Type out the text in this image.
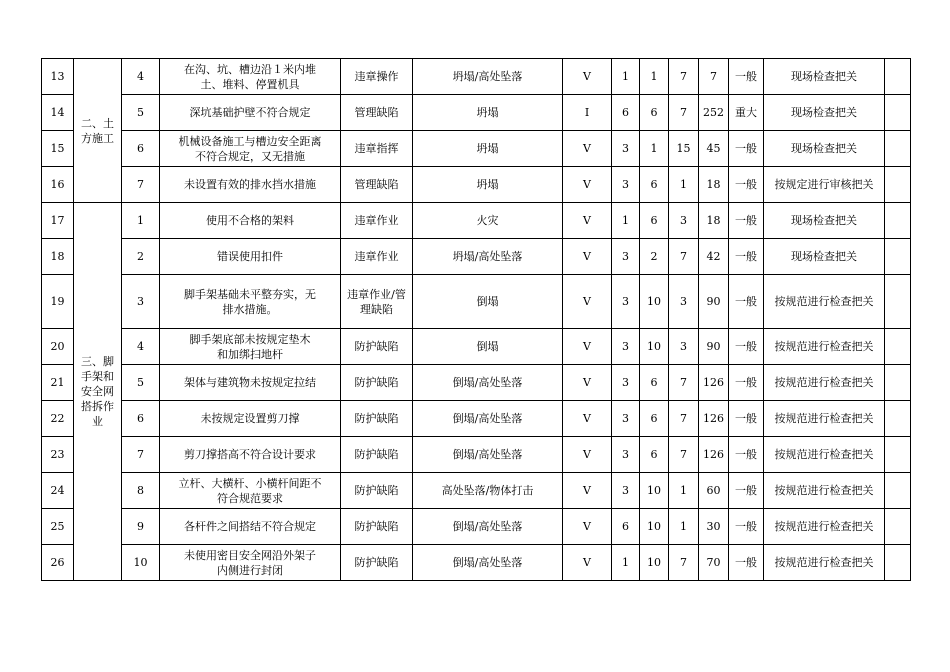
13	二、土方施工	4	在沟、坑、槽边沿１米内堆土、堆料、停置机具	违章操作	坍塌/高处坠落	Ⅴ	1	1	7	7	一般	现场检查把关	
14		5	深坑基础护壁不符合规定	管理缺陷	坍塌	Ⅰ	6	6	7	252	重大	现场检查把关	
15		6	机械设备施工与槽边安全距离不符合规定，又无措施	违章指挥	坍塌	Ⅴ	3	1	15	45	一般	现场检查把关	
16		7	未设置有效的排水挡水措施	管理缺陷	坍塌	Ⅴ	3	6	1	18	一般	按规定进行审核把关	
17	三、脚手架和安全网搭拆作业	1	使用不合格的架料	违章作业	火灾	Ⅴ	1	6	3	18	一般	现场检查把关	
18		2	错误使用扣件	违章作业	坍塌/高处坠落	Ⅴ	3	2	7	42	一般	现场检查把关	
19		3	脚手架基础未平整夯实，无排水措施。	违章作业/管理缺陷	倒塌	Ⅴ	3	10	3	90	一般	按规范进行检查把关	
20		4	脚手架底部未按规定垫木和加绑扫地杆	防护缺陷	倒塌	Ⅴ	3	10	3	90	一般	按规范进行检查把关	
21		5	架体与建筑物未按规定拉结	防护缺陷	倒塌/高处坠落	Ⅴ	3	6	7	126	一般	按规范进行检查把关	
22		6	未按规定设置剪刀撑	防护缺陷	倒塌/高处坠落	Ⅴ	3	6	7	126	一般	按规范进行检查把关	
23		7	剪刀撑搭高不符合设计要求	防护缺陷	倒塌/高处坠落	Ⅴ	3	6	7	126	一般	按规范进行检查把关	
24		8	立杆、大横杆、小横杆间距不符合规范要求	防护缺陷	高处坠落/物体打击	Ⅴ	3	10	1	60	一般	按规范进行检查把关	
25		9	各杆件之间搭结不符合规定	防护缺陷	倒塌/高处坠落	Ⅴ	6	10	1	30	一般	按规范进行检查把关	
26		10	未使用密目安全网沿外架子内侧进行封闭	防护缺陷	倒塌/高处坠落	Ⅴ	1	10	7	70	一般	按规范进行检查把关	
